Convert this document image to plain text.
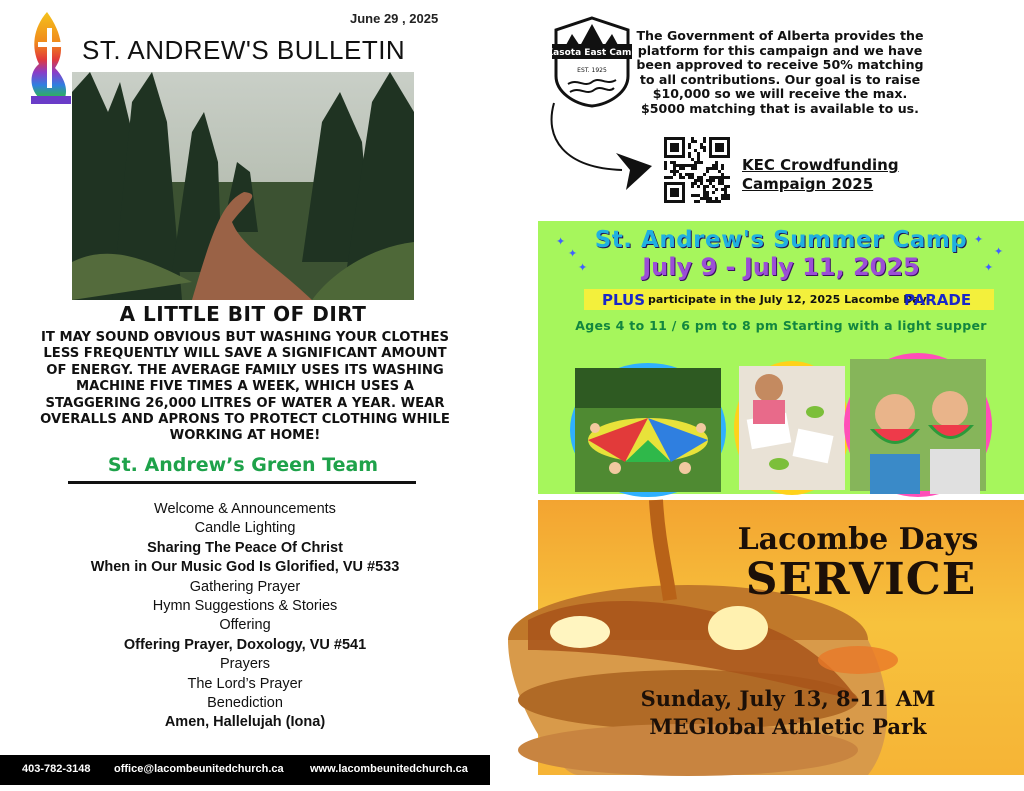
June 29 , 2025
ST. ANDREW'S BULLETIN
A LITTLE BIT OF DIRT
IT MAY SOUND OBVIOUS BUT WASHING YOUR CLOTHES LESS FREQUENTLY WILL SAVE A SIGNIFICANT AMOUNT OF ENERGY. THE AVERAGE FAMILY USES ITS WASHING MACHINE FIVE TIMES A WEEK, WHICH USES A STAGGERING 26,000 LITRES OF WATER A YEAR. WEAR OVERALLS AND APRONS TO PROTECT CLOTHING WHILE WORKING AT HOME!
St. Andrew’s Green Team
Welcome & Announcements
Candle Lighting
Sharing The Peace Of Christ
When in Our Music God Is Glorified, VU #533
Gathering Prayer
Hymn Suggestions & Stories
Offering
Offering Prayer, Doxology, VU #541
Prayers
The Lord’s Prayer
Benediction
Amen, Hallelujah (Iona)
403-782-3148 office@lacombeunitedchurch.ca www.lacombeunitedchurch.ca
Kasota East Camp
EST. 1925
The Government of Alberta provides the platform for this campaign and we have been approved to receive 50% matching to all contributions. Our goal is to raise $10,000 so we will receive the max. $5000 matching that is available to us.
KEC Crowdfunding
Campaign 2025
✦
✦
✦
✦
✦
✦
St. Andrew's Summer Camp
July 9 - July 11, 2025
PLUS participate in the July 12, 2025 Lacombe Day
PARADE
Ages 4 to 11 / 6 pm to 8 pm Starting with a light supper
Lacombe Days
SERVICE
Sunday, July 13, 8-11 AM
MEGlobal Athletic Park
